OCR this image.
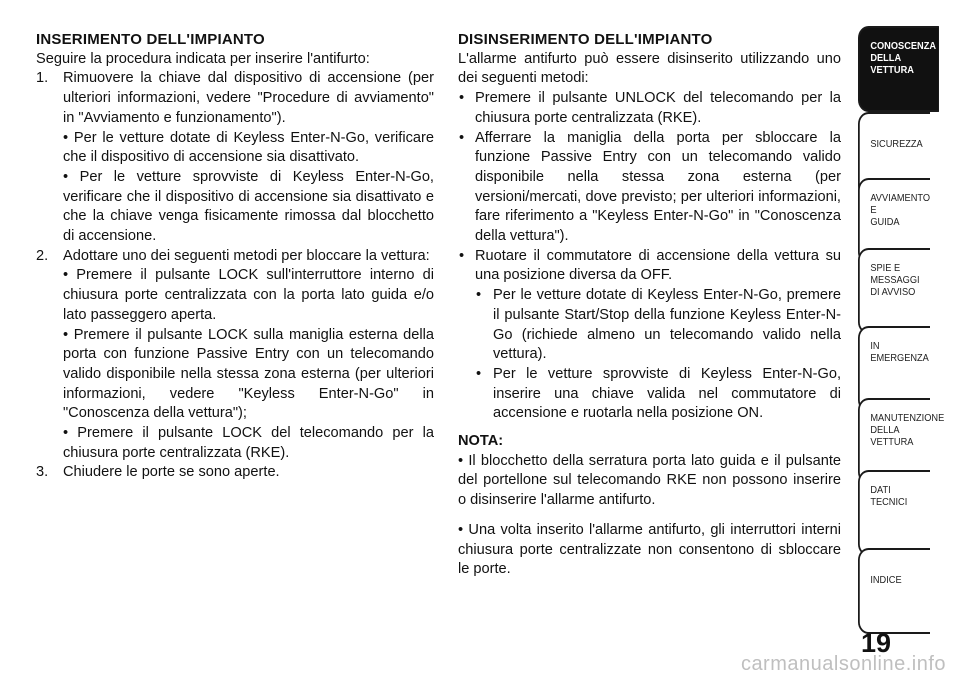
INSERIMENTO DELL'IMPIANTO

Seguire la procedura indicata per inserire l'antifurto:

1. Rimuovere la chiave dal dispositivo di accensione (per ulteriori informazioni, vedere "Procedure di avviamento" in "Avviamento e funzionamento").

• Per le vetture dotate di Keyless Enter-N-Go, verificare che il dispositivo di accensione sia disattivato.

• Per le vetture sprovviste di Keyless Enter-N-Go, verificare che il dispositivo di accensione sia disattivato e che la chiave venga fisicamente rimossa dal blocchetto di accensione.

2. Adottare uno dei seguenti metodi per bloccare la vettura:

• Premere il pulsante LOCK sull'interruttore interno di chiusura porte centralizzata con la porta lato guida e/o lato passeggero aperta.

• Premere il pulsante LOCK sulla maniglia esterna della porta con funzione Passive Entry con un telecomando valido disponibile nella stessa zona esterna (per ulteriori informazioni, vedere "Keyless Enter-N-Go" in "Conoscenza della vettura");

• Premere il pulsante LOCK del telecomando per la chiusura porte centralizzata (RKE).

3. Chiudere le porte se sono aperte.

DISINSERIMENTO DELL'IMPIANTO

L'allarme antifurto può essere disinserito utilizzando uno dei seguenti metodi:

• Premere il pulsante UNLOCK del telecomando per la chiusura porte centralizzata (RKE).

• Afferrare la maniglia della porta per sbloccare la funzione Passive Entry con un telecomando valido disponibile nella stessa zona esterna (per versioni/mercati, dove previsto; per ulteriori informazioni, fare riferimento a "Keyless Enter-N-Go" in "Conoscenza della vettura").

• Ruotare il commutatore di accensione della vettura su una posizione diversa da OFF.

• Per le vetture dotate di Keyless Enter-N-Go, premere il pulsante Start/Stop della funzione Keyless Enter-N-Go (richiede almeno un telecomando valido nella vettura).

• Per le vetture sprovviste di Keyless Enter-N-Go, inserire una chiave valida nel commutatore di accensione e ruotarla nella posizione ON.

NOTA:

• Il blocchetto della serratura porta lato guida e il pulsante del portellone sul telecomando RKE non possono inserire o disinserire l'allarme antifurto.

• Una volta inserito l'allarme antifurto, gli interruttori interni chiusura porte centralizzate non consentono di sbloccare le porte.

CONOSCENZA
DELLA
VETTURA
SICUREZZA
AVVIAMENTO
E
GUIDA
SPIE E
MESSAGGI
DI AVVISO
IN
EMERGENZA
MANUTENZIONE
DELLA
VETTURA
DATI
TECNICI
INDICE
19
carmanualsonline.info
